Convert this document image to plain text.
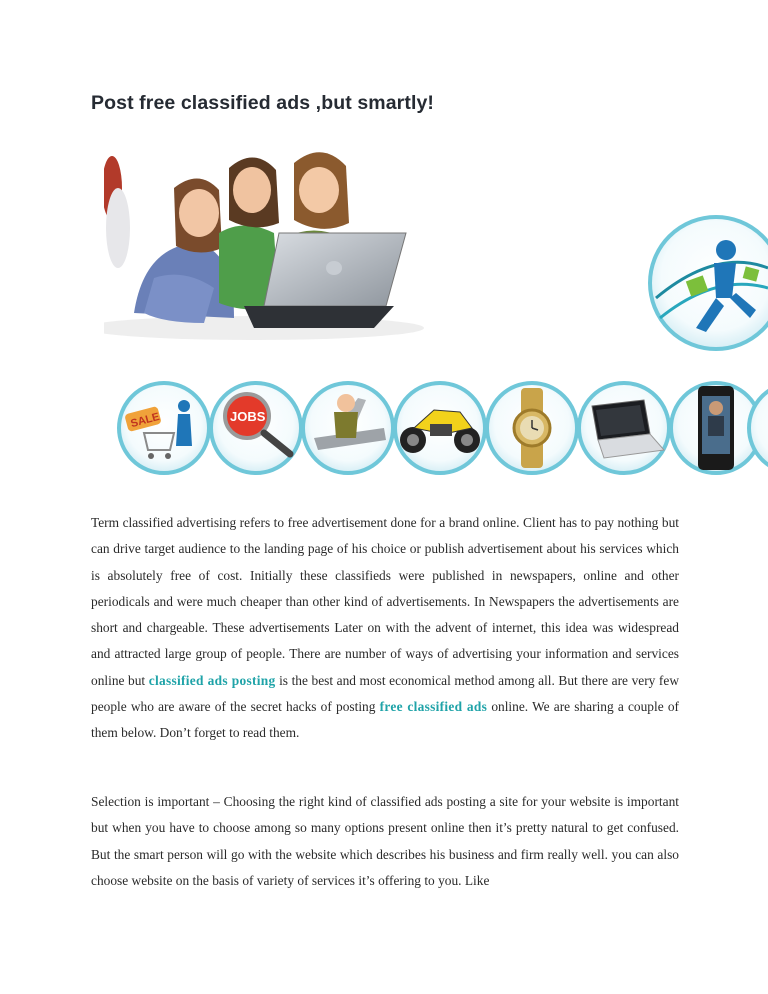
Post free classified ads ,but smartly!
SALE	JOBS

Term classified advertising refers to free advertisement done for a brand online. Client has to pay nothing but can drive target audience to the landing page of his choice or publish advertisement about his services which is absolutely free of cost. Initially these classifieds were published in newspapers, online and other periodicals and were much cheaper than other kind of advertisements. In Newspapers the advertisements are short and chargeable. These advertisements Later on with the advent of internet, this idea was widespread and attracted large group of people. There are number of ways of advertising your information and services online but classified ads posting is the best and most economical method among all. But there are very few people who are aware of the secret hacks of posting free classified ads online. We are sharing a couple of them below. Don’t forget to read them.

Selection is important – Choosing the right kind of classified ads posting a site for your website is important but when you have to choose among so many options present online then it’s pretty natural to get confused. But the smart person will go with the website which describes his business and firm really well. you can also choose website on the basis of variety of services it’s offering to you. Like
